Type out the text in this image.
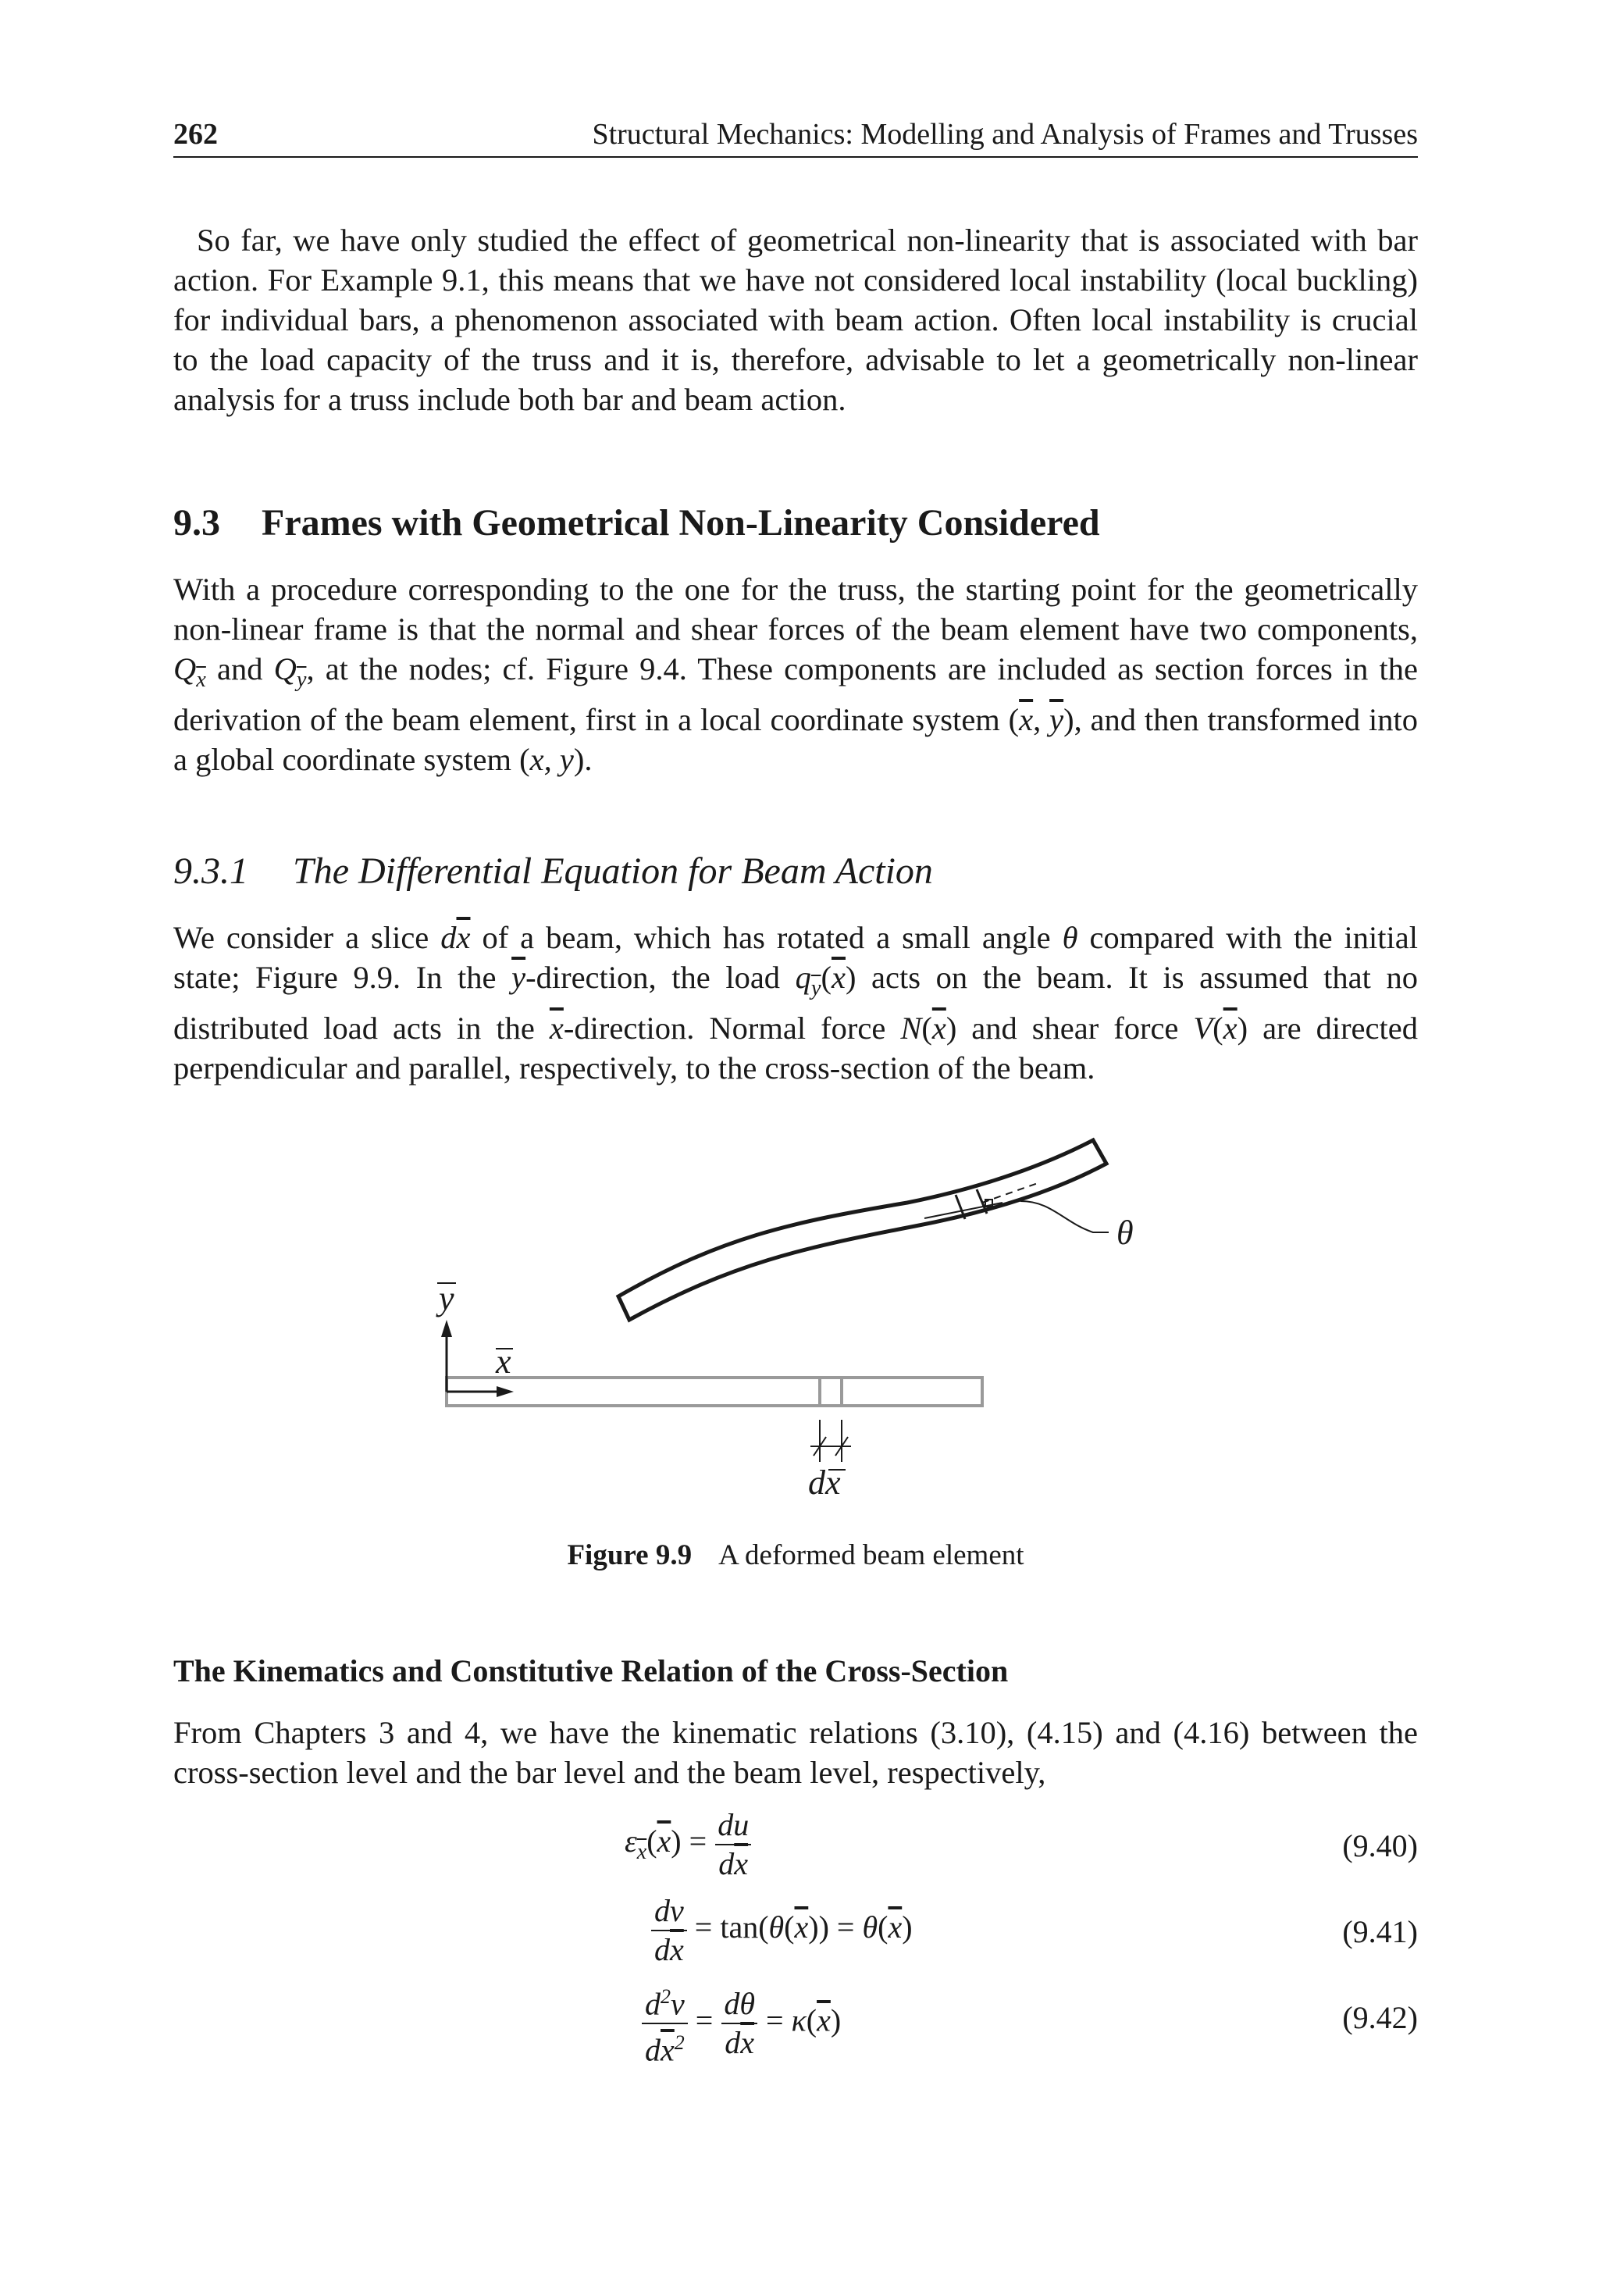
262	Structural Mechanics: Modelling and Analysis of Frames and Trusses

So far, we have only studied the effect of geometrical non-linearity that is associated with bar action. For Example 9.1, this means that we have not considered local instability (local buckling) for individual bars, a phenomenon associated with beam action. Often local instability is crucial to the load capacity of the truss and it is, therefore, advisable to let a geometrically non-linear analysis for a truss include both bar and beam action.

9.3 Frames with Geometrical Non-Linearity Considered

With a procedure corresponding to the one for the truss, the starting point for the geometrically non-linear frame is that the normal and shear forces of the beam element have two components, $Q_{\overline{x}}$ and $Q_{\overline{y}}$, at the nodes; cf. Figure 9.4. These components are included as section forces in the derivation of the beam element, first in a local coordinate system ($\overline{x}$, $\overline{y}$), and then transformed into a global coordinate system (x, y).

9.3.1 The Differential Equation for Beam Action

We consider a slice $d\overline{x}$ of a beam, which has rotated a small angle θ compared with the initial state; Figure 9.9. In the $\overline{y}$-direction, the load $q_{\overline{y}}(\overline{x})$ acts on the beam. It is assumed that no distributed load acts in the $\overline{x}$-direction. Normal force $N(\overline{x})$ and shear force $V(\overline{x})$ are directed perpendicular and parallel, respectively, to the cross-section of the beam.

y
x
dx
θ
Figure 9.9 A deformed beam element
The Kinematics and Constitutive Relation of the Cross-Section

From Chapters 3 and 4, we have the kinematic relations (3.10), (4.15) and (4.16) between the cross-section level and the bar level and the beam level, respectively,

$\varepsilon_{\overline{x}}(\overline{x}) = \frac{du}{d\overline{x}}$	(9.40)
$\frac{dv}{d\overline{x}} = \tan(\theta(\overline{x})) = \theta(\overline{x})$	(9.41)
$\frac{d^2v}{d\overline{x}^2} = \frac{d\theta}{d\overline{x}} = \kappa(\overline{x})$	(9.42)
